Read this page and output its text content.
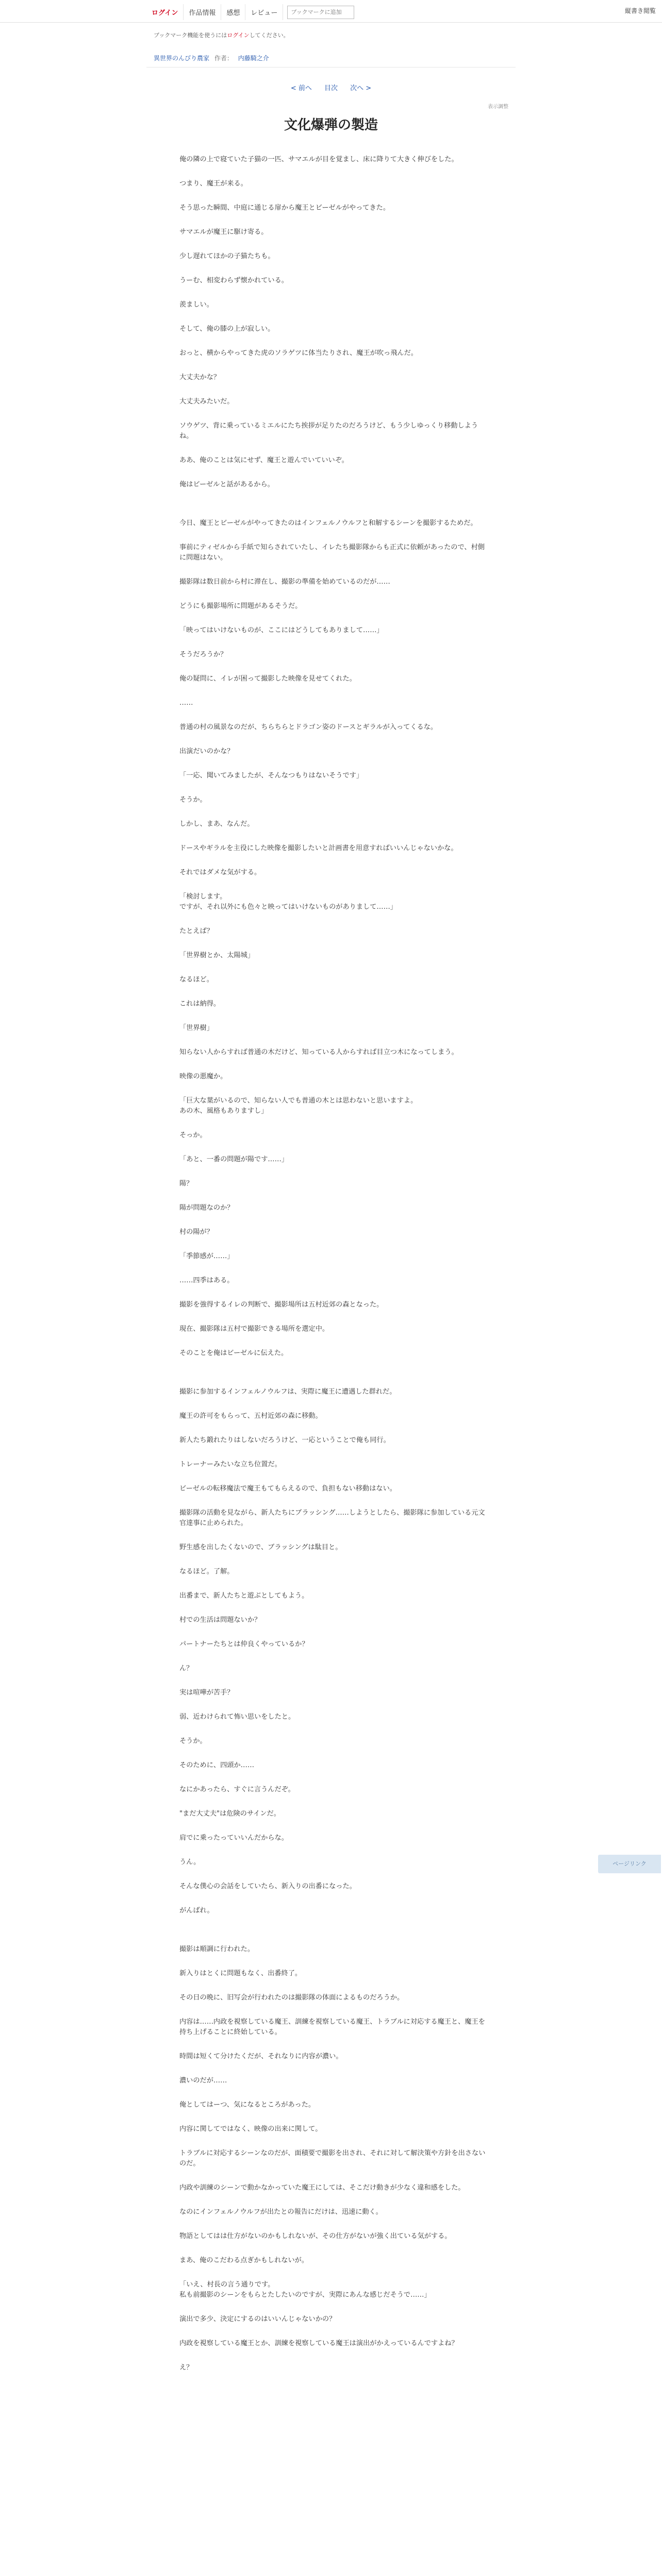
ログイン	作品情報	感想	レビュー
ブックマークに追加	縦書き閲覧
ブックマーク機能を使うにはログインしてください。
異世界のんびり農家 作者： 内藤騎之介
< 前へ 目次 次へ >
表示調整
文化爆弾の製造

俺の隣の上で寝ていた子猫の一匹、サマエルが目を覚まし、床に降りて大きく伸びをした。

つまり、魔王が来る。

そう思った瞬間、中庭に通じる扉から魔王とビーゼルがやってきた。

サマエルが魔王に駆け寄る。

少し遅れてほかの子猫たちも。

うーむ、相変わらず懐かれている。

羨ましい。

そして、俺の膝の上が寂しい。

おっと、横からやってきた虎のソラゲツに体当たりされ、魔王が吹っ飛んだ。

大丈夫かな？

大丈夫みたいだ。

ソウゲツ、背に乗っているミエルにたち挨拶が足りたのだろうけど、もう少しゆっくり移動しようね。

ああ、俺のことは気にせず、魔王と遊んでいていいぞ。

俺はビーゼルと話があるから。

今日、魔王とビーゼルがやってきたのはインフェルノウルフと和解するシーンを撮影するためだ。

事前にティゼルから手紙で知らされていたし、イレたち撮影隊からも正式に依頼があったので、村側に問題はない。

撮影隊は数日前から村に滞在し、撮影の準備を始めているのだが……

どうにも撮影場所に問題があるそうだ。

「映ってはいけないものが、ここにはどうしてもありまして……」

そうだろうか？

俺の疑問に、イレが困って撮影した映像を見せてくれた。

……

普通の村の風景なのだが、ちらちらとドラゴン姿のドースとギラルが入ってくるな。

出演だいのかな？

「一応、聞いてみましたが、そんなつもりはないそうです」

そうか。

しかし、まあ、なんだ。

ドースやギラルを主役にした映像を撮影したいと計画書を用意すればいいんじゃないかな。

それではダメな気がする。

「検討します。
ですが、それ以外にも色々と映ってはいけないものがありまして……」

たとえば？

「世界樹とか、太陽城」

なるほど。

これは納得。

「世界樹」

知らない人からすれば普通の木だけど、知っている人からすれば目立つ木になってしまう。

映像の悪魔か。

「巨大な葉がいるので、知らない人でも普通の木とは思わないと思いますよ。
あの木、風格もありますし」

そっか。

「あと、一番の問題が陽です……」

陽？

陽が問題なのか？

村の陽が？

「季節感が……」

……四季はある。

撮影を強得するイレの判断で、撮影場所は五村近郊の森となった。

現在、撮影隊は五村で撮影できる場所を選定中。

そのことを俺はビーゼルに伝えた。

撮影に参加するインフェルノウルフは、実際に魔王に遭遇した群れだ。

魔王の許可をもらって、五村近郊の森に移動。

新人たち鍛れたりはしないだろうけど、一応ということで俺も同行。

トレーナーみたいな立ち位置だ。

ビーゼルの転移魔法で魔王もてもらえるので、負担もない移動はない。

撮影隊の活動を見ながら、新人たちにブラッシング……しようとしたら、撮影隊に参加している元文官達事に止められた。

野生感を出したくないので、ブラッシングは駄目と。

なるほど。了解。

出番まで、新人たちと遊ぶとしてもよう。

村での生活は問題ないか？

パートナーたちとは仲良くやっているか？

ん？

実は喧嘩が苦手？

弱、近わけられて怖い思いをしたと。

そうか。

そのために、四頭か……

なにかあったら、すぐに言うんだぞ。

"まだ大丈夫"は危険のサインだ。

肩でに乗ったっていいんだからな。

うん。

そんな僕心の会話をしていたら、新入りの出番になった。

がんばれ。

撮影は順調に行われた。

新入りはとくに問題もなく、出番終了。

その日の晩に、旧写会が行われたのは撮影隊の体面によるものだろうか。

内容は……内政を視察している魔王、訓練を視察している魔王、トラブルに対応する魔王と、魔王を持ち上げることに終始している。

時間は短くて分けたくだが、それなりに内容が濃い。

濃いのだが……

俺としてはーつ、気になるところがあった。

内容に関してではなく、映像の出来に関して。

トラブルに対応するシーンなのだが、面積要で撮影を出され、それに対して解決策や方針を出さないのだ。

内政や訓練のシーンで動かなかっていた魔王にしては、そこだけ動きが少なく違和感をした。

なのにインフェルノウルフが出たとの報告にだけは、迅速に動く。

物語としてはは仕方がないのかもしれないが、その仕方がないが強く出ている気がする。

まあ、俺のこだわる点ぎかもしれないが。

「いえ、村長の言う通りです。
私も前撮影のシーンをもらとたしたいのですが、実際にあんな感じだそうで……」

演出で多少、決定にするのはいいんじゃないかの？

内政を視察している魔王とか、訓練を視察している魔王は演出がかえっているんですよね？

え？

ページリンク
